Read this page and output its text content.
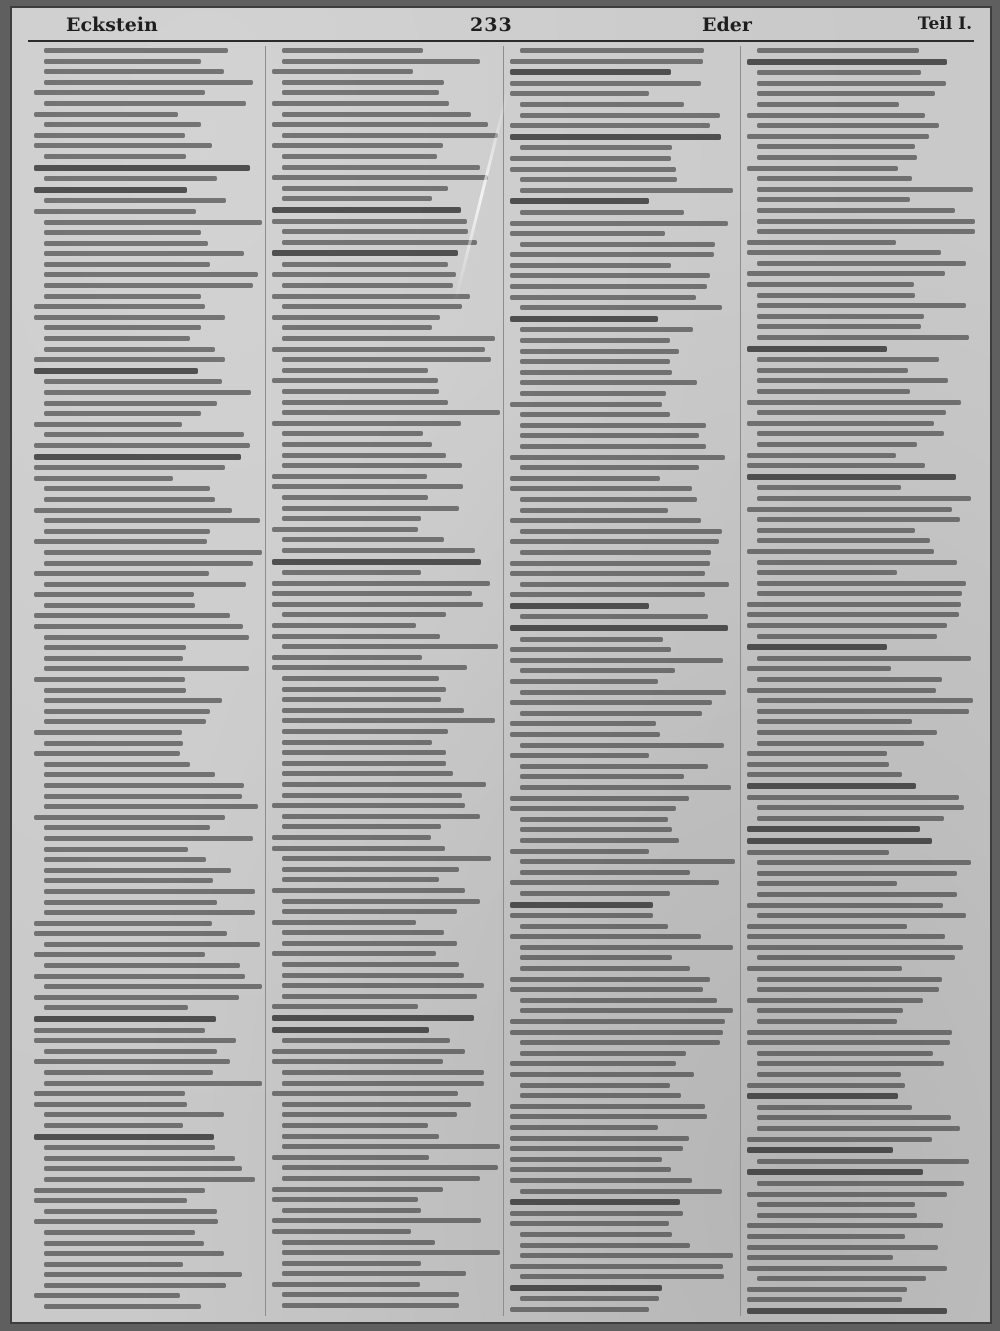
Eckstein	233	Eder	Teil I.
